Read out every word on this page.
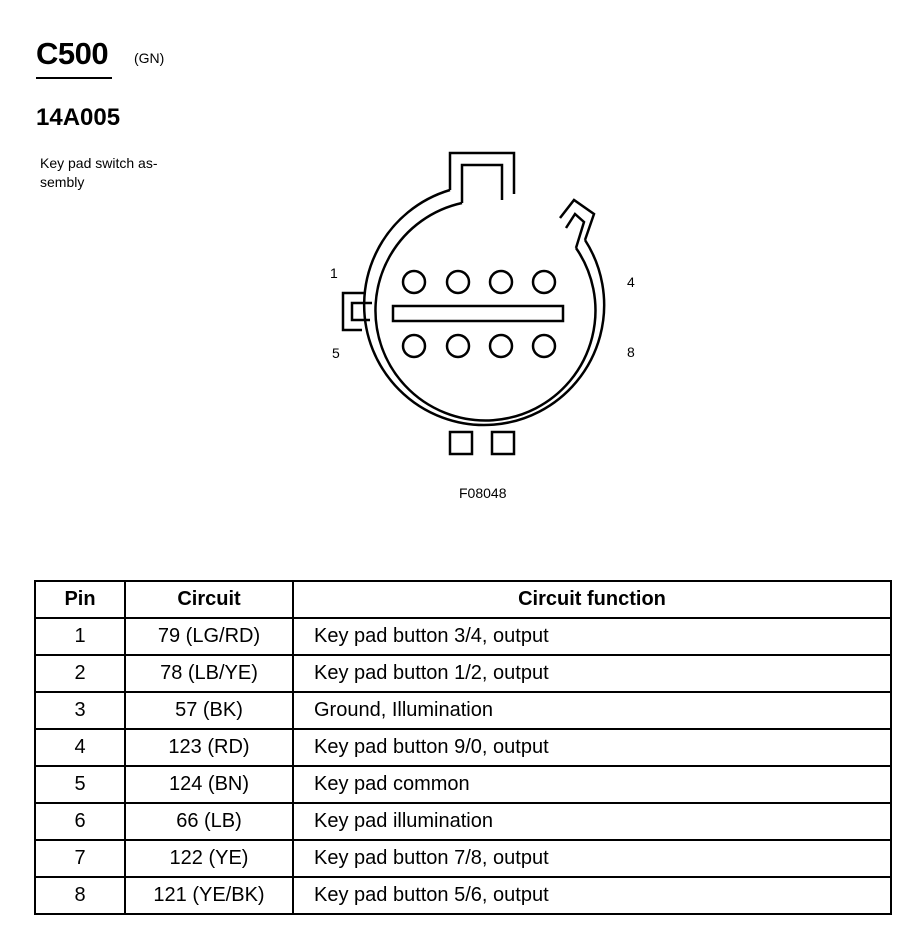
C500 (GN)
14A005
Key pad switch as-sembly
1
4
5	8
F08048
Pin	Circuit	Circuit function
1	79 (LG/RD)	Key pad button 3/4, output
2	78 (LB/YE)	Key pad button 1/2, output
3	57 (BK)	Ground, Illumination
4	123 (RD)	Key pad button 9/0, output
5	124 (BN)	Key pad common
6	66 (LB)	Key pad illumination
7	122 (YE)	Key pad button 7/8, output
8	121 (YE/BK)	Key pad button 5/6, output
